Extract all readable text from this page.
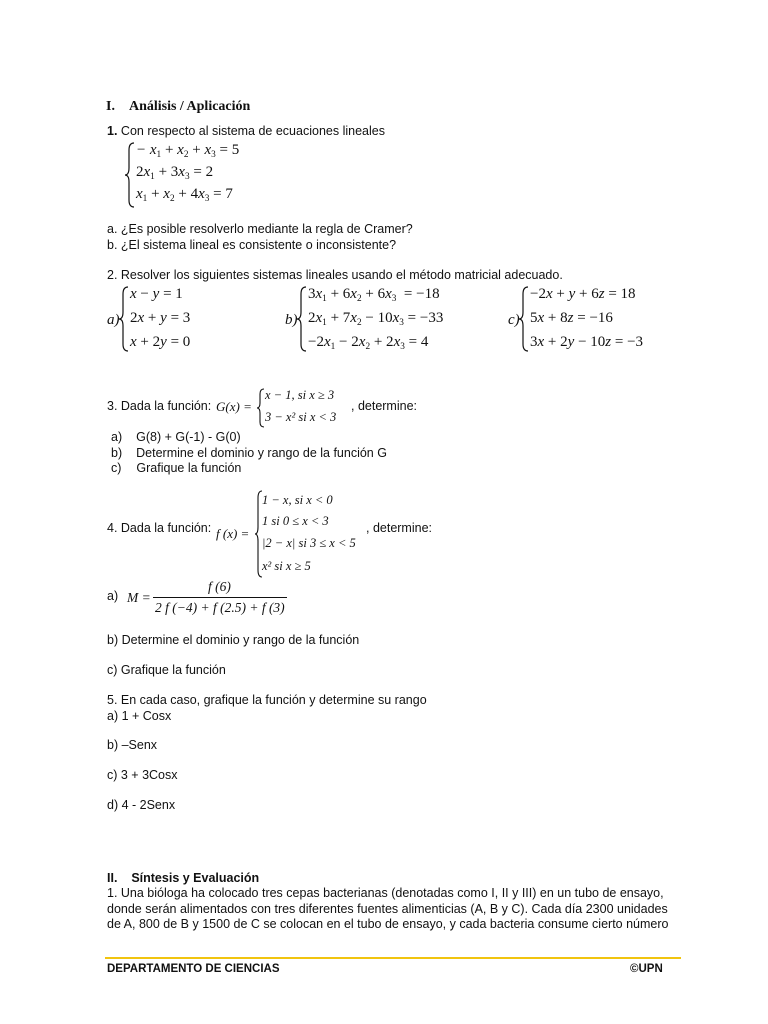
I. Análisis / Aplicación
1. Con respecto al sistema de ecuaciones lineales
− $x_1 + x_2 + x_3 = 5$
$2x_1 + 3x_3 = 2$
$x_1 + x_2 + 4x_3 = 7$
a. ¿Es posible resolverlo mediante la regla de Cramer?
b. ¿El sistema lineal es consistente o inconsistente?
2. Resolver los siguientes sistemas lineales usando el método matricial adecuado.
a)
x − y = 1
2x + y = 3
x + 2y = 0
b)
$3x_1 + 6x_2 + 6x_3 = -18$
$2x_1 + 7x_2 - 10x_3 = -33$
$-2x_1 - 2x_2 + 2x_3 = 4$
c)
−2x + y + 6z = 18
5x + 8z = −16
3x + 2y − 10z = −3
3. Dada la función: G(x) =
x − 1, si x ≥ 3
3 − x² si x < 3
, determine:
a) G(8) + G(-1) - G(0)
b) Determine el dominio y rango de la función G
c) Grafique la función
4. Dada la función: f (x) =
1 − x, si x < 0
1 si 0 ≤ x < 3
|2 − x| si 3 ≤ x < 5
x² si x ≥ 5
, determine:
a) M =
f (6)
2 f (−4) + f (2.5) + f (3)
b) Determine el dominio y rango de la función
c) Grafique la función
5. En cada caso, grafique la función y determine su rango
a) 1 + Cosx
b) –Senx
c) 3 + 3Cosx
d) 4 - 2Senx
II. Síntesis y Evaluación
1. Una bióloga ha colocado tres cepas bacterianas (denotadas como I, II y III) en un tubo de ensayo,
donde serán alimentados con tres diferentes fuentes alimenticias (A, B y C). Cada día 2300 unidades
de A, 800 de B y 1500 de C se colocan en el tubo de ensayo, y cada bacteria consume cierto número
DEPARTAMENTO DE CIENCIAS	©UPN
